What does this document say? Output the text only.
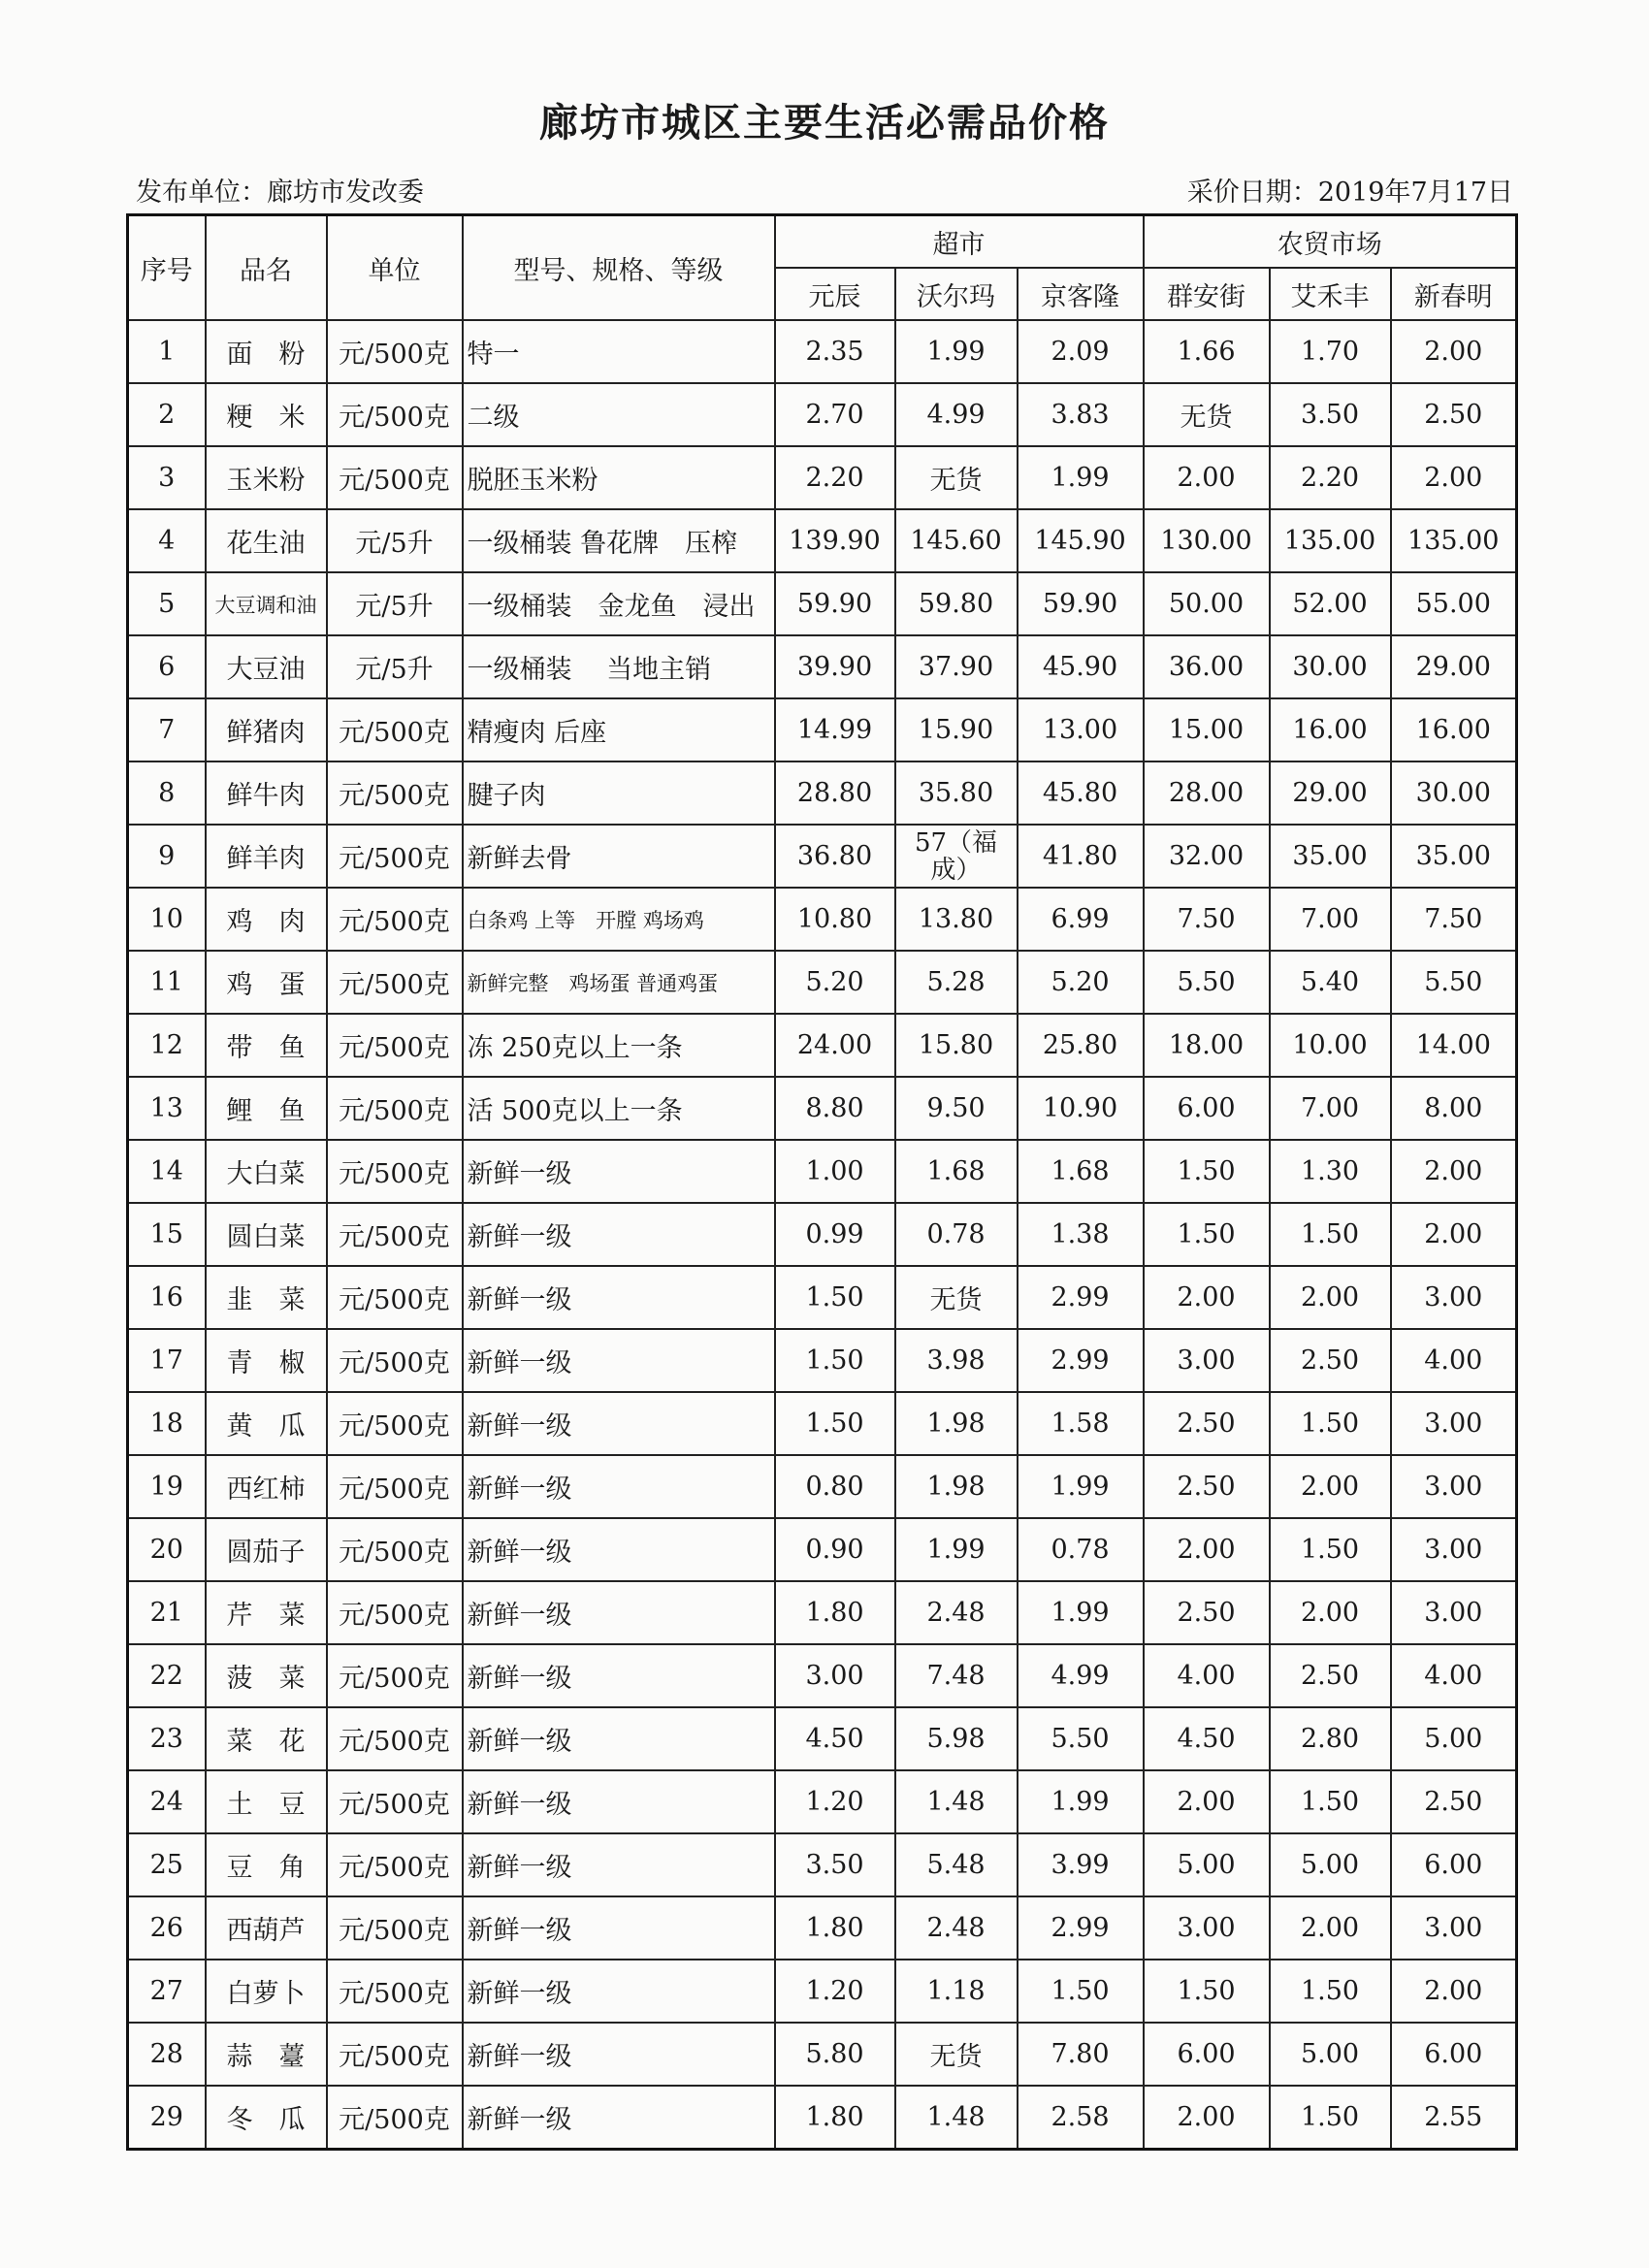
廊坊市城区主要生活必需品价格
发布单位：廊坊市发改委	采价日期：2019年7月17日
序号	品名	单位	型号、规格、等级	超市			农贸市场		
				元辰	沃尔玛	京客隆	群安街	艾禾丰	新春明
1	面　粉	元/500克	特一	2.35	1.99	2.09	1.66	1.70	2.00
2	粳　米	元/500克	二级	2.70	4.99	3.83	无货	3.50	2.50
3	玉米粉	元/500克	脱胚玉米粉	2.20	无货	1.99	2.00	2.20	2.00
4	花生油	元/5升	一级桶装 鲁花牌　压榨	139.90	145.60	145.90	130.00	135.00	135.00
5	大豆调和油	元/5升	一级桶装　金龙鱼　浸出	59.90	59.80	59.90	50.00	52.00	55.00
6	大豆油	元/5升	一级桶装　 当地主销	39.90	37.90	45.90	36.00	30.00	29.00
7	鲜猪肉	元/500克	精瘦肉 后座	14.99	15.90	13.00	15.00	16.00	16.00
8	鲜牛肉	元/500克	腱子肉	28.80	35.80	45.80	28.00	29.00	30.00
9	鲜羊肉	元/500克	新鲜去骨	36.80	57（福成）	41.80	32.00	35.00	35.00
10	鸡　肉	元/500克	白条鸡 上等　开膛 鸡场鸡	10.80	13.80	6.99	7.50	7.00	7.50
11	鸡　蛋	元/500克	新鲜完整　鸡场蛋 普通鸡蛋	5.20	5.28	5.20	5.50	5.40	5.50
12	带　鱼	元/500克	冻 250克以上一条	24.00	15.80	25.80	18.00	10.00	14.00
13	鲤　鱼	元/500克	活 500克以上一条	8.80	9.50	10.90	6.00	7.00	8.00
14	大白菜	元/500克	新鲜一级	1.00	1.68	1.68	1.50	1.30	2.00
15	圆白菜	元/500克	新鲜一级	0.99	0.78	1.38	1.50	1.50	2.00
16	韭　菜	元/500克	新鲜一级	1.50	无货	2.99	2.00	2.00	3.00
17	青　椒	元/500克	新鲜一级	1.50	3.98	2.99	3.00	2.50	4.00
18	黄　瓜	元/500克	新鲜一级	1.50	1.98	1.58	2.50	1.50	3.00
19	西红柿	元/500克	新鲜一级	0.80	1.98	1.99	2.50	2.00	3.00
20	圆茄子	元/500克	新鲜一级	0.90	1.99	0.78	2.00	1.50	3.00
21	芹　菜	元/500克	新鲜一级	1.80	2.48	1.99	2.50	2.00	3.00
22	菠　菜	元/500克	新鲜一级	3.00	7.48	4.99	4.00	2.50	4.00
23	菜　花	元/500克	新鲜一级	4.50	5.98	5.50	4.50	2.80	5.00
24	土　豆	元/500克	新鲜一级	1.20	1.48	1.99	2.00	1.50	2.50
25	豆　角	元/500克	新鲜一级	3.50	5.48	3.99	5.00	5.00	6.00
26	西葫芦	元/500克	新鲜一级	1.80	2.48	2.99	3.00	2.00	3.00
27	白萝卜	元/500克	新鲜一级	1.20	1.18	1.50	1.50	1.50	2.00
28	蒜　薹	元/500克	新鲜一级	5.80	无货	7.80	6.00	5.00	6.00
29	冬　瓜	元/500克	新鲜一级	1.80	1.48	2.58	2.00	1.50	2.55
